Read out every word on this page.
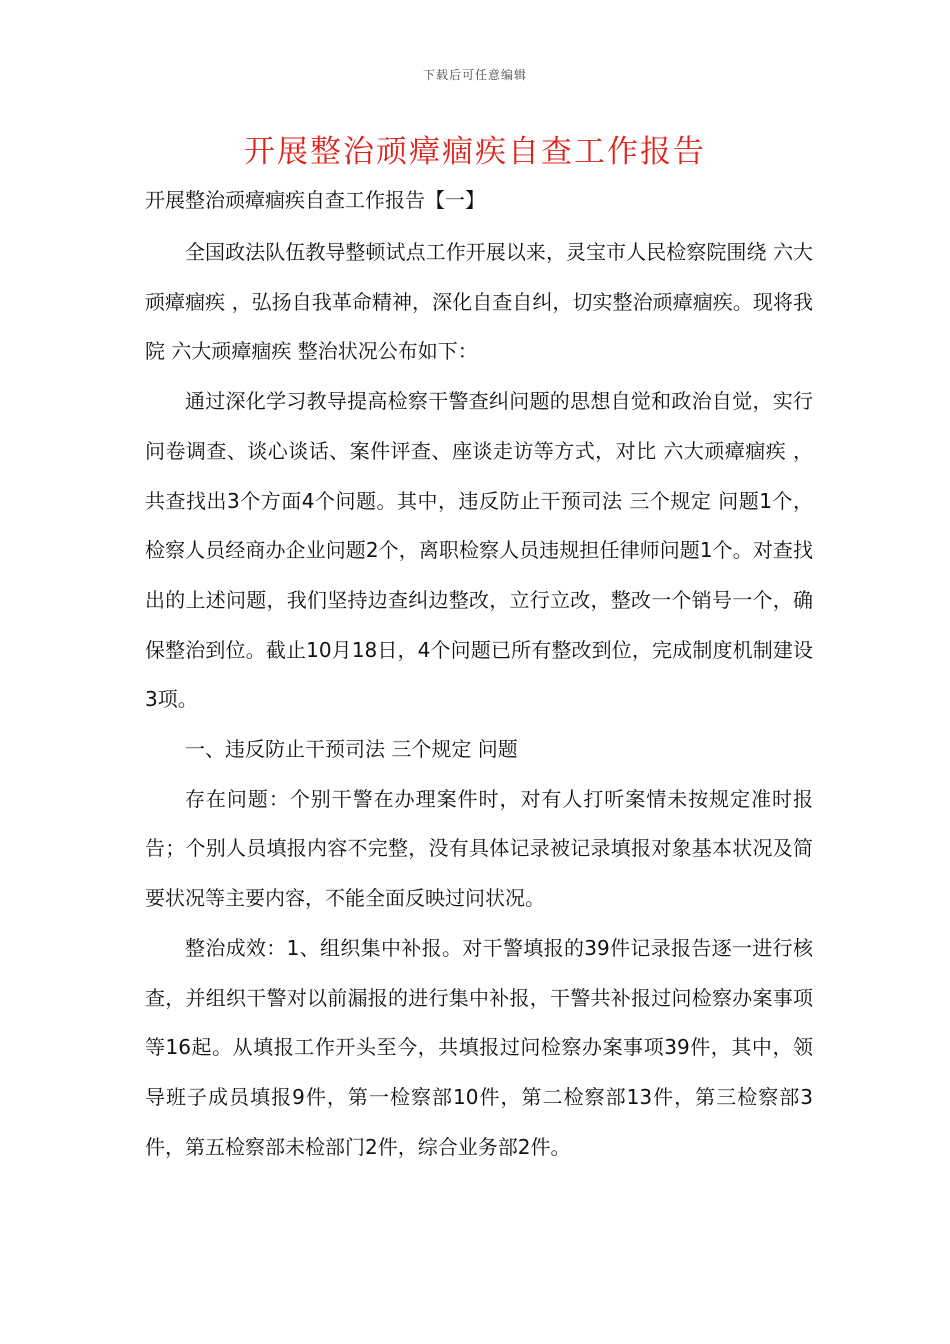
下载后可任意编辑
开展整治顽瘴痼疾自查工作报告
开展整治顽瘴痼疾自查工作报告【一】

全国政法队伍教导整顿试点工作开展以来，灵宝市人民检察院围绕 六大顽瘴痼疾 ，弘扬自我革命精神，深化自查自纠，切实整治顽瘴痼疾。现将我院 六大顽瘴痼疾 整治状况公布如下：

通过深化学习教导提高检察干警查纠问题的思想自觉和政治自觉，实行问卷调查、谈心谈话、案件评查、座谈走访等方式，对比 六大顽瘴痼疾 ，共查找出3个方面4个问题。其中，违反防止干预司法 三个规定 问题1个，检察人员经商办企业问题2个，离职检察人员违规担任律师问题1个。对查找出的上述问题，我们坚持边查纠边整改，立行立改，整改一个销号一个，确保整治到位。截止10月18日，4个问题已所有整改到位，完成制度机制建设3项。

一、违反防止干预司法 三个规定 问题

存在问题：个别干警在办理案件时，对有人打听案情未按规定准时报告；个别人员填报内容不完整，没有具体记录被记录填报对象基本状况及简要状况等主要内容，不能全面反映过问状况。

整治成效：1、组织集中补报。对干警填报的39件记录报告逐一进行核查，并组织干警对以前漏报的进行集中补报，干警共补报过问检察办案事项等16起。从填报工作开头至今，共填报过问检察办案事项39件，其中，领导班子成员填报9件，第一检察部10件，第二检察部13件，第三检察部3件，第五检察部未检部门2件，综合业务部2件。
